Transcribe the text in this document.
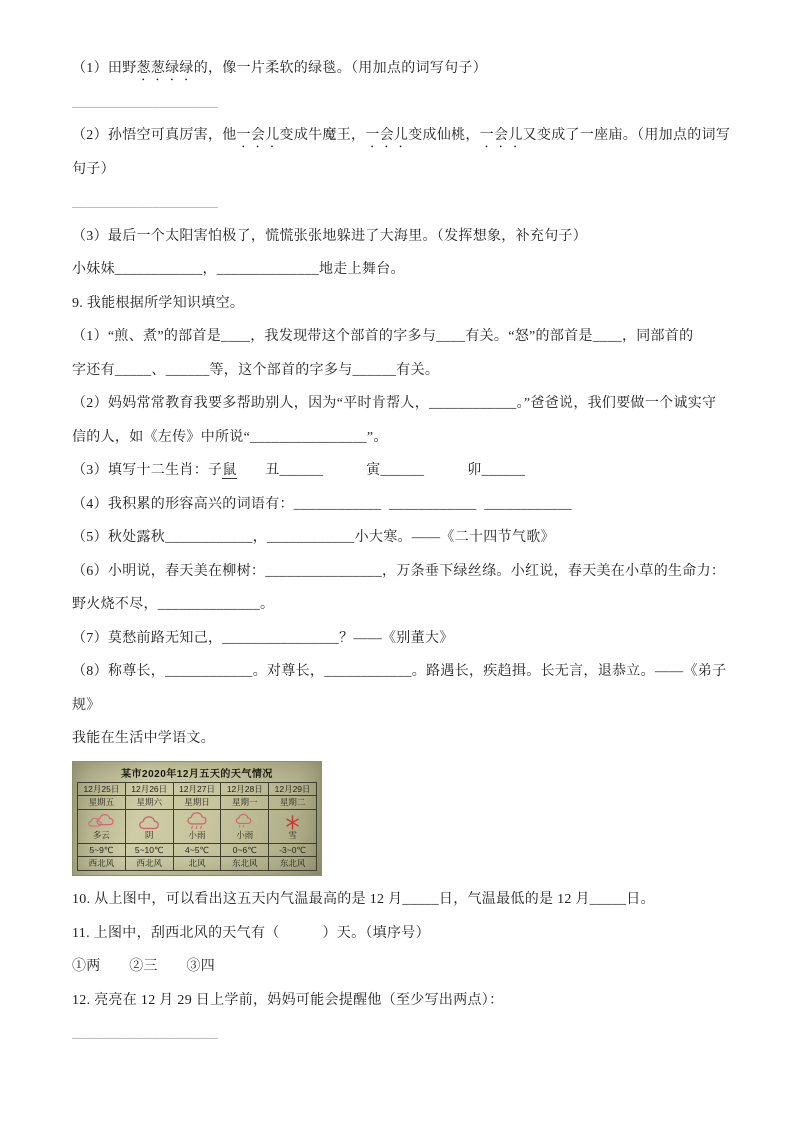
（1）田野葱葱绿绿的，像一片柔软的绿毯。（用加点的词写句子）
____________________
（2）孙悟空可真厉害，他一会儿变成牛魔王，一会儿变成仙桃，一会儿又变成了一座庙。（用加点的词写
句子）
____________________
（3）最后一个太阳害怕极了，慌慌张张地躲进了大海里。（发挥想象，补充句子）
小妹妹____________，______________地走上舞台。
9. 我能根据所学知识填空。
（1）“煎、煮”的部首是____，我发现带这个部首的字多与____有关。“怒”的部首是____，同部首的
字还有_____、______等，这个部首的字多与______有关。
（2）妈妈常常教育我要多帮助别人，因为“平时肯帮人，____________。”爸爸说，我们要做一个诚实守
信的人，如《左传》中所说“________________”。
（3）填写十二生肖：子鼠　　丑______　　　寅______　　　卯______
（4）我积累的形容高兴的词语有：____________  ____________  ____________
（5）秋处露秋____________，____________小大寒。——《二十四节气歌》
（6）小明说，春天美在柳树：________________，万条垂下绿丝绦。小红说，春天美在小草的生命力：
野火烧不尽，______________。
（7）莫愁前路无知己，________________？——《别董大》
（8）称尊长，____________。对尊长，____________。路遇长，疾趋揖。长无言，退恭立。——《弟子
规》
我能在生活中学语文。
某市2020年12月五天的天气情况
12月25日	12月26日	12月27日	12月28日	12月29日
星期五	星期六	星期日	星期一	星期二

多云	阴	小雨	小雨	雪

5~9℃	5~10℃	4~5℃	0~6℃	-3~0℃
西北风	西北风	北风	东北风	东北风
10. 从上图中，可以看出这五天内气温最高的是 12 月_____日，气温最低的是 12 月_____日。
11. 上图中，刮西北风的天气有（　　　）天。（填序号）
①两　　②三　　③四
12. 亮亮在 12 月 29 日上学前，妈妈可能会提醒他（至少写出两点）：
____________________
